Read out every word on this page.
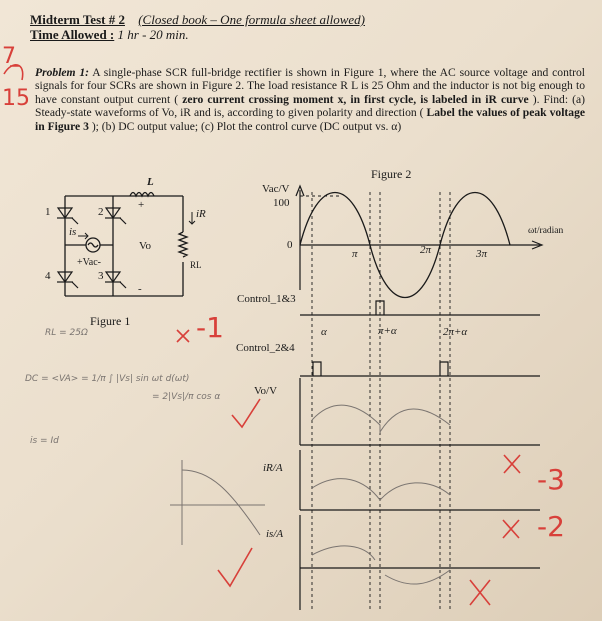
Midterm Test # 2 (Closed book – One formula sheet allowed)
Time Allowed : 1 hr - 20 min.
Problem 1: A single-phase SCR full-bridge rectifier is shown in Figure 1, where the AC source voltage and control signals for four SCRs are shown in Figure 2. The load resistance R L is 25 Ohm and the inductor is not big enough to have constant output current ( zero current crossing moment x, in first cycle, is labeled in iR curve ). Find: (a) Steady-state waveforms of Vo, iR and is, according to given polarity and direction ( Label the values of peak voltage in Figure 3 ); (b) DC output value; (c) Plot the control curve (DC output vs. α)
L
1	2
3
4
is
+Vac-
Vo
RL
iR
+
-
Figure 1
Figure 2
Vac/V
100
0
π	2π	3π
ωt/radian
Control_1&3
Control_2&4
α	π+α	2π+α
Vo/V
iR/A
is/A
7
15
-1
-3
-2
RL = 25Ω
DC = <VA> = 1/π ∫ |Vs| sin ωt d(ωt)
= 2|Vs|/π cos α
is = Id
